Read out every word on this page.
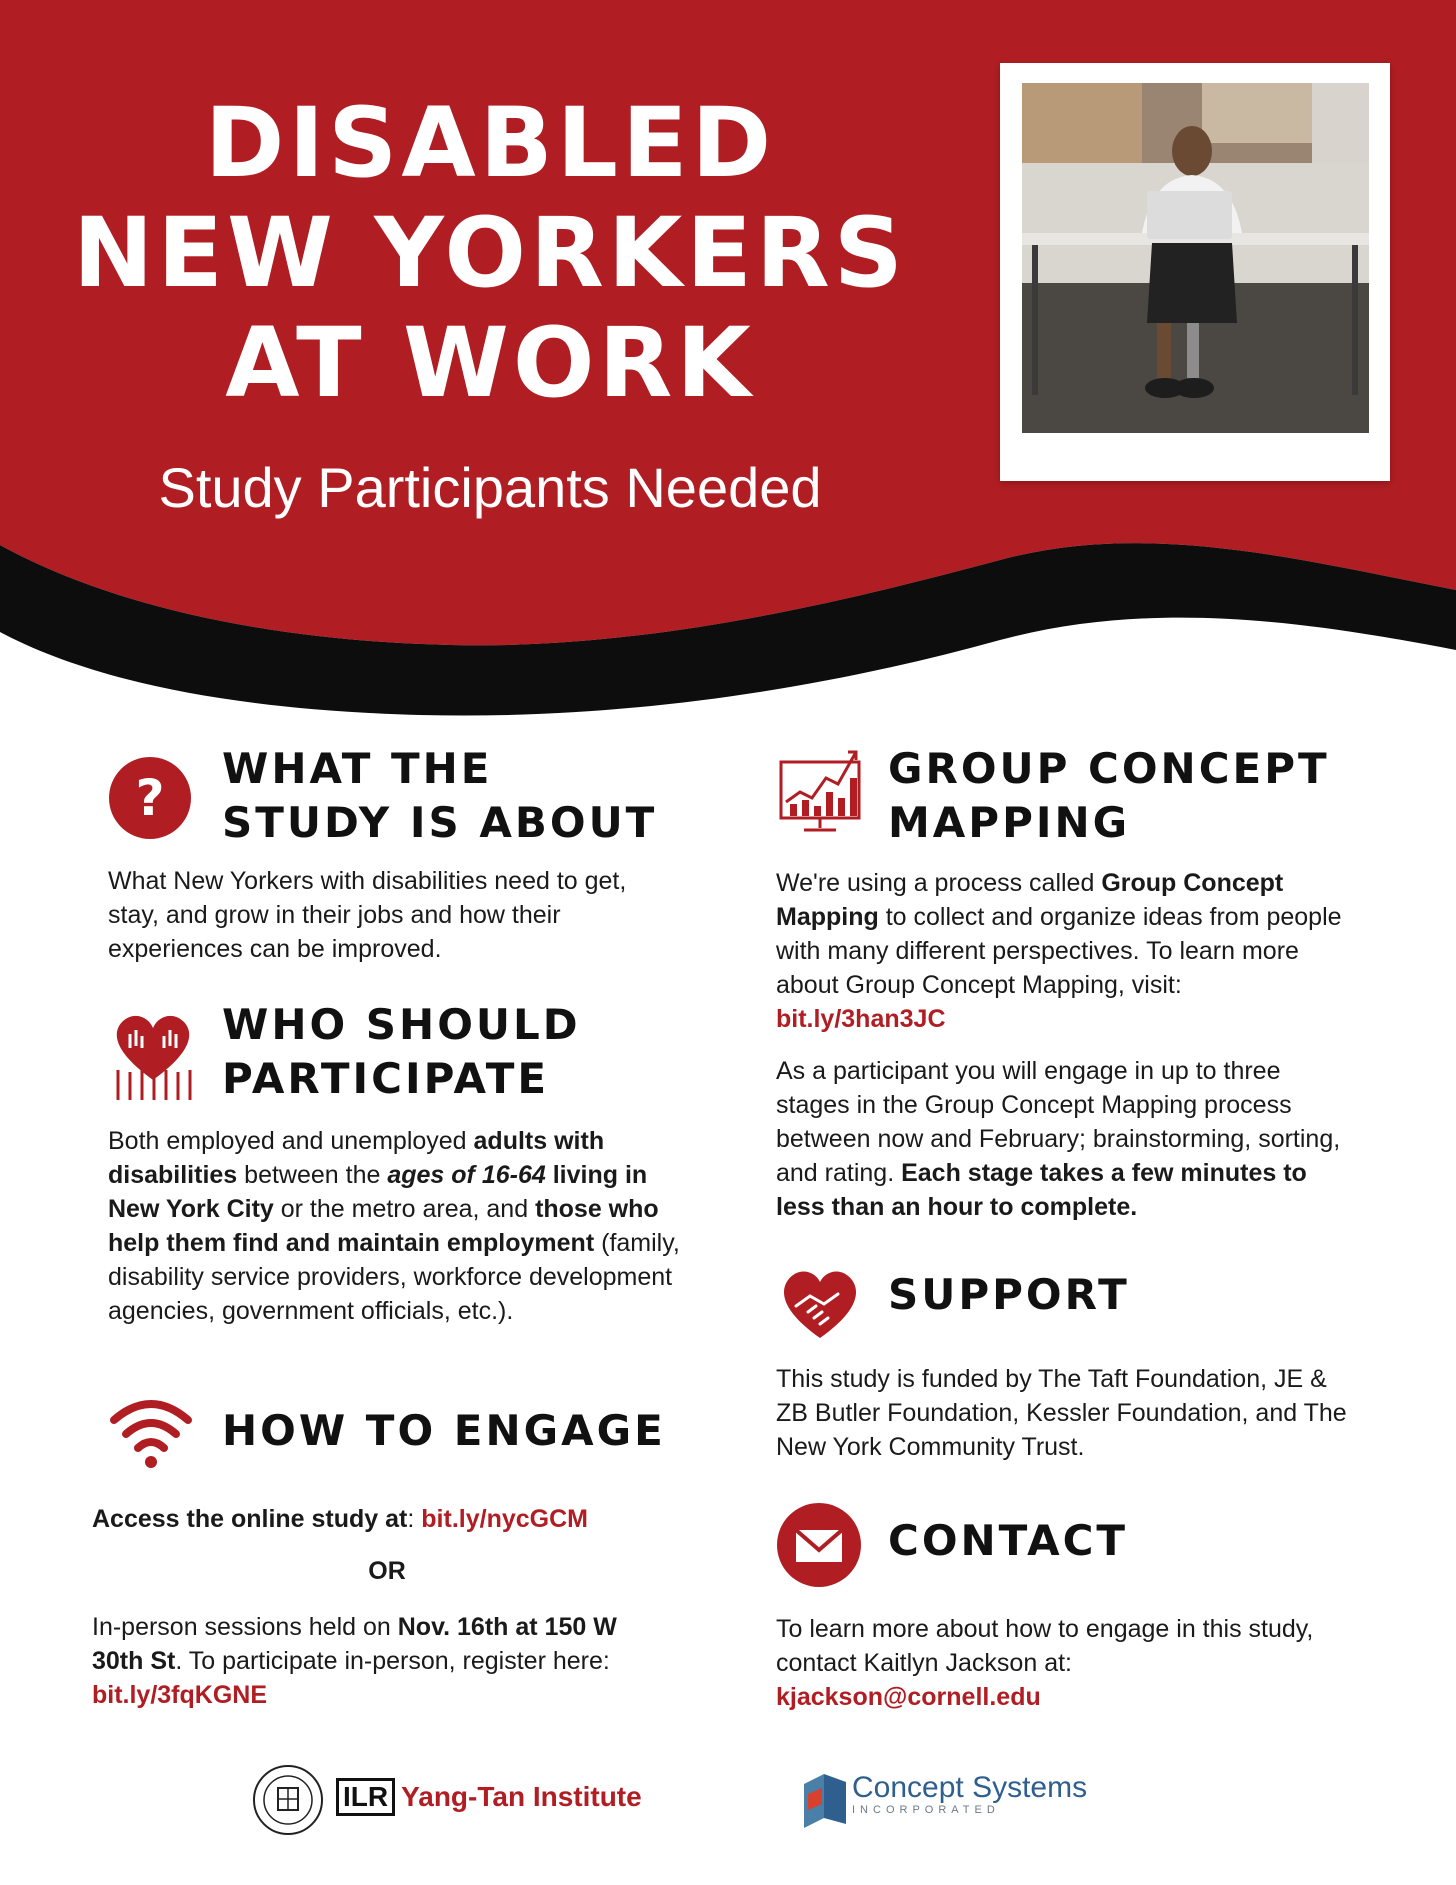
DISABLED
NEW YORKERS
AT WORK
Study Participants Needed
?
WHAT THE
STUDY IS ABOUT
What New Yorkers with disabilities need to get, stay, and grow in their jobs and how their experiences can be improved.
WHO SHOULD
PARTICIPATE
Both employed and unemployed adults with disabilities between the ages of 16-64 living in New York City or the metro area, and those who help them find and maintain employment (family, disability service providers, workforce development agencies, government officials, etc.).
HOW TO ENGAGE
Access the online study at: bit.ly/nycGCM
OR
In-person sessions held on Nov. 16th at 150 W 30th St. To participate in-person, register here:
bit.ly/3fqKGNE
GROUP CONCEPT
MAPPING
We're using a process called Group Concept Mapping to collect and organize ideas from people with many different perspectives. To learn more about Group Concept Mapping, visit: bit.ly/3han3JC
As a participant you will engage in up to three stages in the Group Concept Mapping process between now and February; brainstorming, sorting, and rating. Each stage takes a few minutes to less than an hour to complete.
SUPPORT
This study is funded by The Taft Foundation, JE & ZB Butler Foundation, Kessler Foundation, and The New York Community Trust.
CONTACT
To learn more about how to engage in this study, contact Kaitlyn Jackson at:
kjackson@cornell.edu
ILR Yang-Tan Institute	Concept Systems
INCORPORATED
